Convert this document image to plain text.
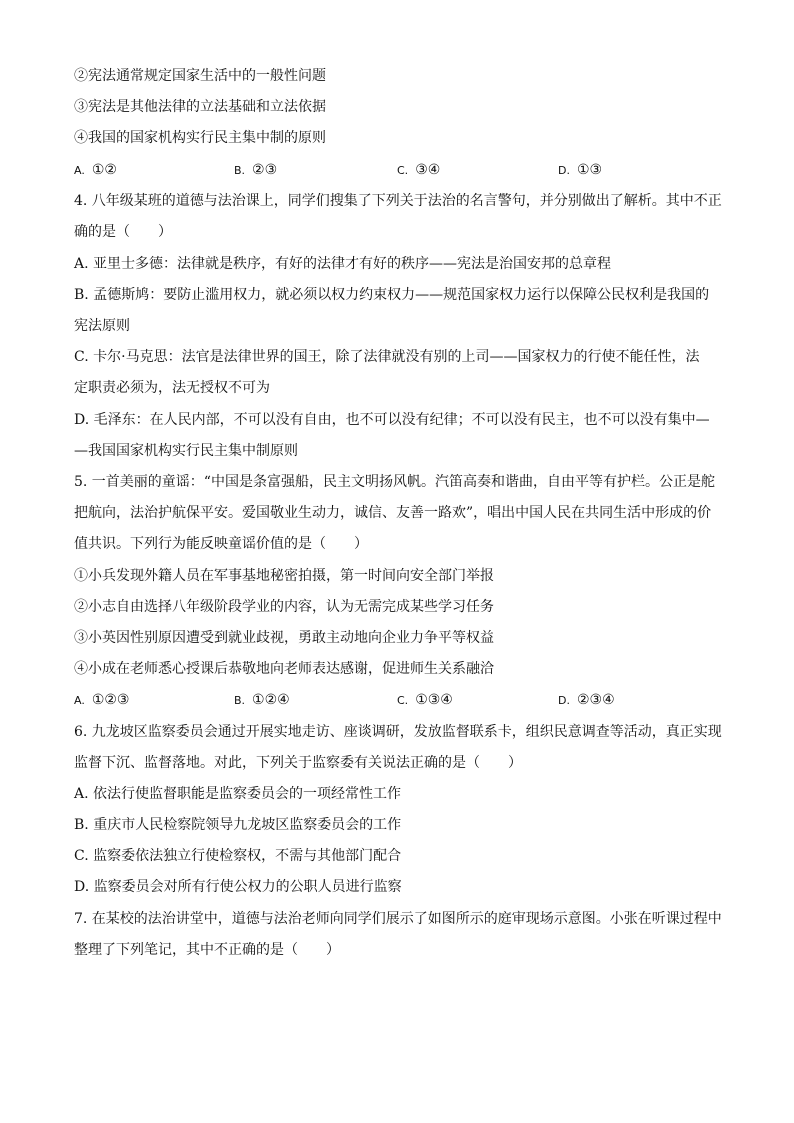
②宪法通常规定国家生活中的一般性问题
③宪法是其他法律的立法基础和立法依据
④我国的国家机构实行民主集中制的原则
A. ①②	B. ②③	C. ③④	D. ①③
4. 八年级某班的道德与法治课上，同学们搜集了下列关于法治的名言警句，并分别做出了解析。其中不正
确的是（　　）
A. 亚里士多德：法律就是秩序，有好的法律才有好的秩序——宪法是治国安邦的总章程
B. 孟德斯鸠：要防止滥用权力，就必须以权力约束权力——规范国家权力运行以保障公民权利是我国的
宪法原则
C. 卡尔·马克思：法官是法律世界的国王，除了法律就没有别的上司——国家权力的行使不能任性，法
定职责必须为，法无授权不可为
D. 毛泽东：在人民内部，不可以没有自由，也不可以没有纪律；不可以没有民主，也不可以没有集中—
—我国国家机构实行民主集中制原则
5. 一首美丽的童谣：“中国是条富强船，民主文明扬风帆。汽笛高奏和谐曲，自由平等有护栏。公正是舵
把航向，法治护航保平安。爱国敬业生动力，诚信、友善一路欢”，唱出中国人民在共同生活中形成的价
值共识。下列行为能反映童谣价值的是（　　）
①小兵发现外籍人员在军事基地秘密拍摄，第一时间向安全部门举报
②小志自由选择八年级阶段学业的内容，认为无需完成某些学习任务
③小英因性别原因遭受到就业歧视，勇敢主动地向企业力争平等权益
④小成在老师悉心授课后恭敬地向老师表达感谢，促进师生关系融洽
A. ①②③	B. ①②④	C. ①③④	D. ②③④
6. 九龙坡区监察委员会通过开展实地走访、座谈调研，发放监督联系卡，组织民意调查等活动，真正实现
监督下沉、监督落地。对此，下列关于监察委有关说法正确的是（　　）
A. 依法行使监督职能是监察委员会的一项经常性工作
B. 重庆市人民检察院领导九龙坡区监察委员会的工作
C. 监察委依法独立行使检察权，不需与其他部门配合
D. 监察委员会对所有行使公权力的公职人员进行监察
7. 在某校的法治讲堂中，道德与法治老师向同学们展示了如图所示的庭审现场示意图。小张在听课过程中
整理了下列笔记，其中不正确的是（　　）
